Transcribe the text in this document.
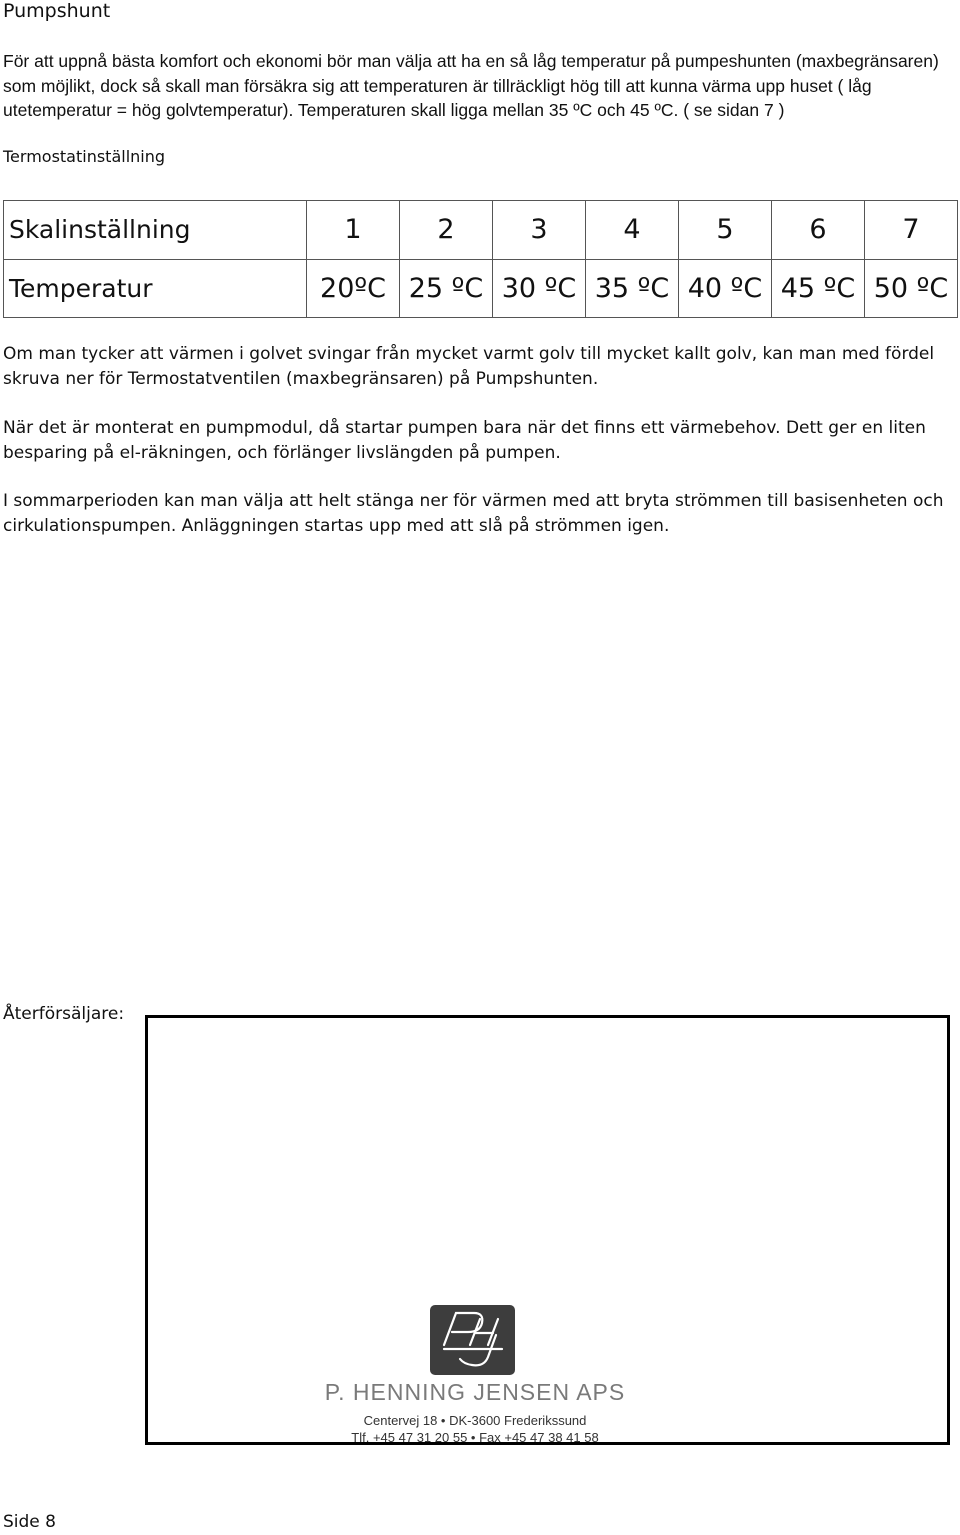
Pumpshunt

För att uppnå bästa komfort och ekonomi bör man välja att ha en så låg temperatur på pumpeshunten (maxbegränsaren) som möjlikt, dock så skall man försäkra sig att temperaturen är tillräckligt hög till att kunna värma upp huset ( låg utetemperatur = hög golvtemperatur). Temperaturen skall ligga mellan 35 ºC och 45 ºC. ( se sidan 7 )

Termostatinställning
Skalinställning	1	2	3	4	5	6	7
Temperatur	20ºC	25 ºC	30 ºC	35 ºC	40 ºC	45 ºC	50 ºC

Om man tycker att värmen i golvet svingar från mycket varmt golv till mycket kallt golv, kan man med fördel skruva ner för Termostatventilen (maxbegränsaren) på Pumpshunten.

När det är monterat en pumpmodul, då startar pumpen bara när det finns ett värmebehov. Dett ger en liten besparing på el-räkningen, och förlänger livslängden på pumpen.

I sommarperioden kan man välja att helt stänga ner för värmen med att bryta strömmen till basisenheten och cirkulationspumpen. Anläggningen startas upp med att slå på strömmen igen.

Återförsäljare:
P. HENNING JENSEN APS
Centervej 18 • DK-3600 Frederikssund
Tlf. +45 47 31 20 55 • Fax +45 47 38 41 58
Side 8
